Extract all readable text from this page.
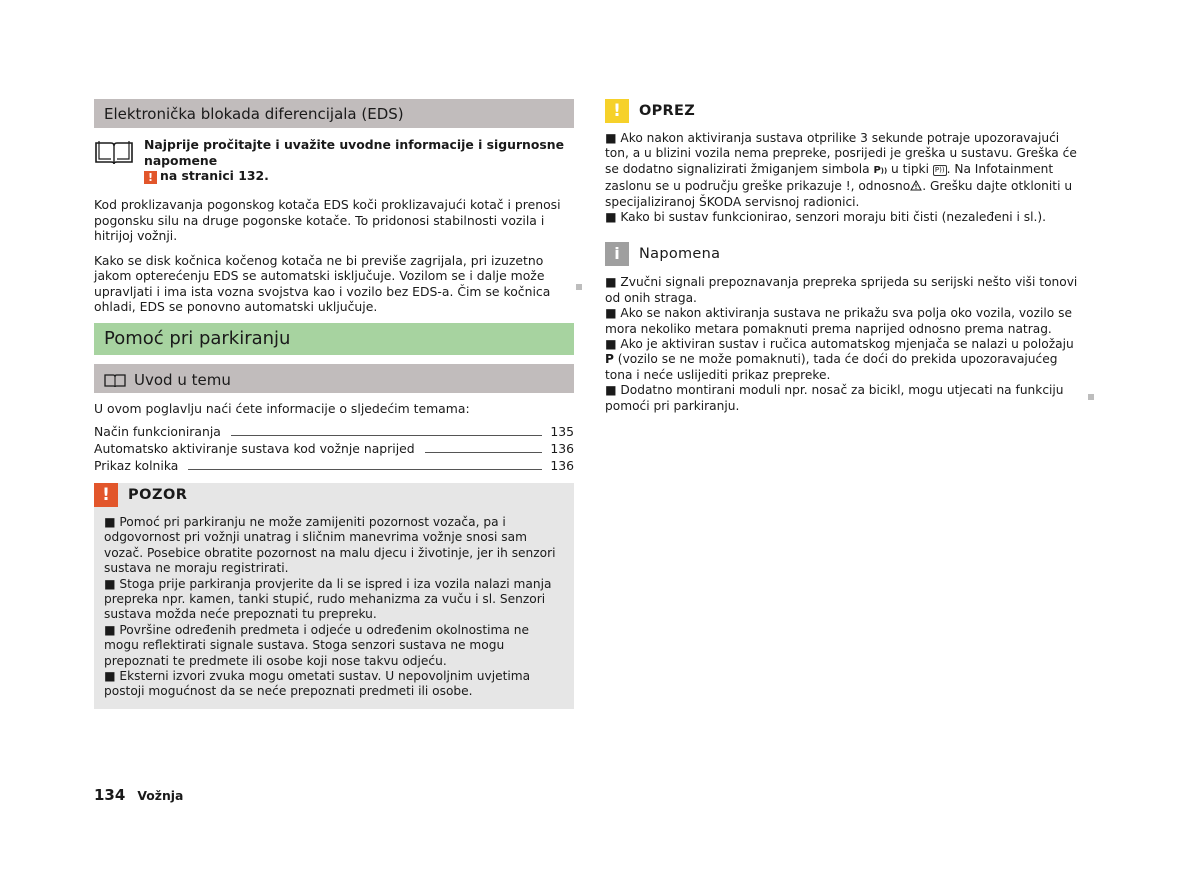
Elektronička blokada diferencijala (EDS)
Najprije pročitajte i uvažite uvodne informacije i sigurnosne napomene
! na stranici 132.

Kod proklizavanja pogonskog kotača EDS koči proklizavajući kotač i prenosi pogonsku silu na druge pogonske kotače. To pridonosi stabilnosti vozila i hitrijoj vožnji.

Kako se disk kočnica kočenog kotača ne bi previše zagrijala, pri izuzetno jakom opterećenju EDS se automatski isključuje. Vozilom se i dalje može upravljati i ima ista vozna svojstva kao i vozilo bez EDS-a. Čim se kočnica ohladi, EDS se ponovno automatski uključuje.

Pomoć pri parkiranju
Uvod u temu

U ovom poglavlju naći ćete informacije o sljedećim temama:

Način funkcioniranja	135
Automatsko aktiviranje sustava kod vožnje naprijed	136
Prikaz kolnika	136
!	POZOR

■ Pomoć pri parkiranju ne može zamijeniti pozornost vozača, pa i odgovornost pri vožnji unatrag i sličnim manevrima vožnje snosi sam vozač. Posebice obratite pozornost na malu djecu i životinje, jer ih senzori sustava ne moraju registrirati.

■ Stoga prije parkiranja provjerite da li se ispred i iza vozila nalazi manja prepreka npr. kamen, tanki stupić, rudo mehanizma za vuču i sl. Senzori sustava možda neće prepoznati tu prepreku.

■ Površine određenih predmeta i odjeće u određenim okolnostima ne mogu reflektirati signale sustava. Stoga senzori sustava ne mogu prepoznati te predmete ili osobe koji nose takvu odjeću.

■ Eksterni izvori zvuka mogu ometati sustav. U nepovoljnim uvjetima postoji mogućnost da se neće prepoznati predmeti ili osobe.

!	OPREZ

■ Ako nakon aktiviranja sustava otprilike 3 sekunde potraje upozoravajući ton, a u blizini vozila nema prepreke, posrijedi je greška u sustavu. Greška će se dodatno signalizirati žmiganjem simbola P)) u tipki P)) . Na Infotainment zaslonu se u području greške prikazuje !, odnosno . Grešku dajte otkloniti u specijaliziranoj ŠKODA servisnoj radionici.

■ Kako bi sustav funkcionirao, senzori moraju biti čisti (nezaleđeni i sl.).

i	Napomena

■ Zvučni signali prepoznavanja prepreka sprijeda su serijski nešto viši tonovi od onih straga.

■ Ako se nakon aktiviranja sustava ne prikažu sva polja oko vozila, vozilo se mora nekoliko metara pomaknuti prema naprijed odnosno prema natrag.

■ Ako je aktiviran sustav i ručica automatskog mjenjača se nalazi u položaju P (vozilo se ne može pomaknuti), tada će doći do prekida upozoravajućeg tona i neće uslijediti prikaz prepreke.

■ Dodatno montirani moduli npr. nosač za bicikl, mogu utjecati na funkciju pomoći pri parkiranju.

134 Vožnja
